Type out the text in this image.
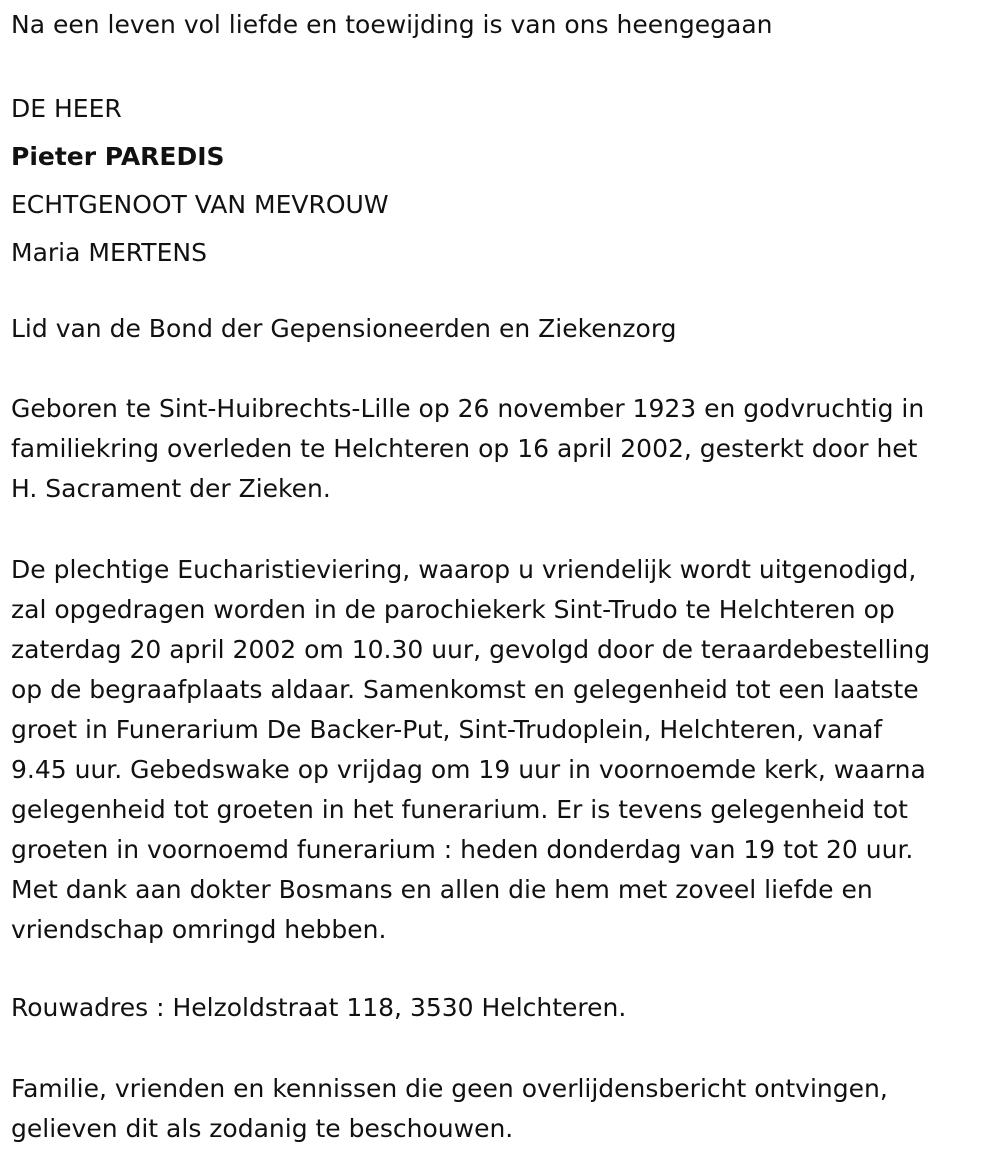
Na een leven vol liefde en toewijding is van ons heengegaan

DE HEER

Pieter PAREDIS

ECHTGENOOT VAN MEVROUW

Maria MERTENS

Lid van de Bond der Gepensioneerden en Ziekenzorg

Geboren te Sint-Huibrechts-Lille op 26 november 1923 en godvruchtig in

familiekring overleden te Helchteren op 16 april 2002, gesterkt door het

H. Sacrament der Zieken.

De plechtige Eucharistieviering, waarop u vriendelijk wordt uitgenodigd,

zal opgedragen worden in de parochiekerk Sint-Trudo te Helchteren op

zaterdag 20 april 2002 om 10.30 uur, gevolgd door de teraardebestelling

op de begraafplaats aldaar. Samenkomst en gelegenheid tot een laatste

groet in Funerarium De Backer-Put, Sint-Trudoplein, Helchteren, vanaf

9.45 uur. Gebedswake op vrijdag om 19 uur in voornoemde kerk, waarna

gelegenheid tot groeten in het funerarium. Er is tevens gelegenheid tot

groeten in voornoemd funerarium : heden donderdag van 19 tot 20 uur.

Met dank aan dokter Bosmans en allen die hem met zoveel liefde en

vriendschap omringd hebben.

Rouwadres : Helzoldstraat 118, 3530 Helchteren.

Familie, vrienden en kennissen die geen overlijdensbericht ontvingen,

gelieven dit als zodanig te beschouwen.
